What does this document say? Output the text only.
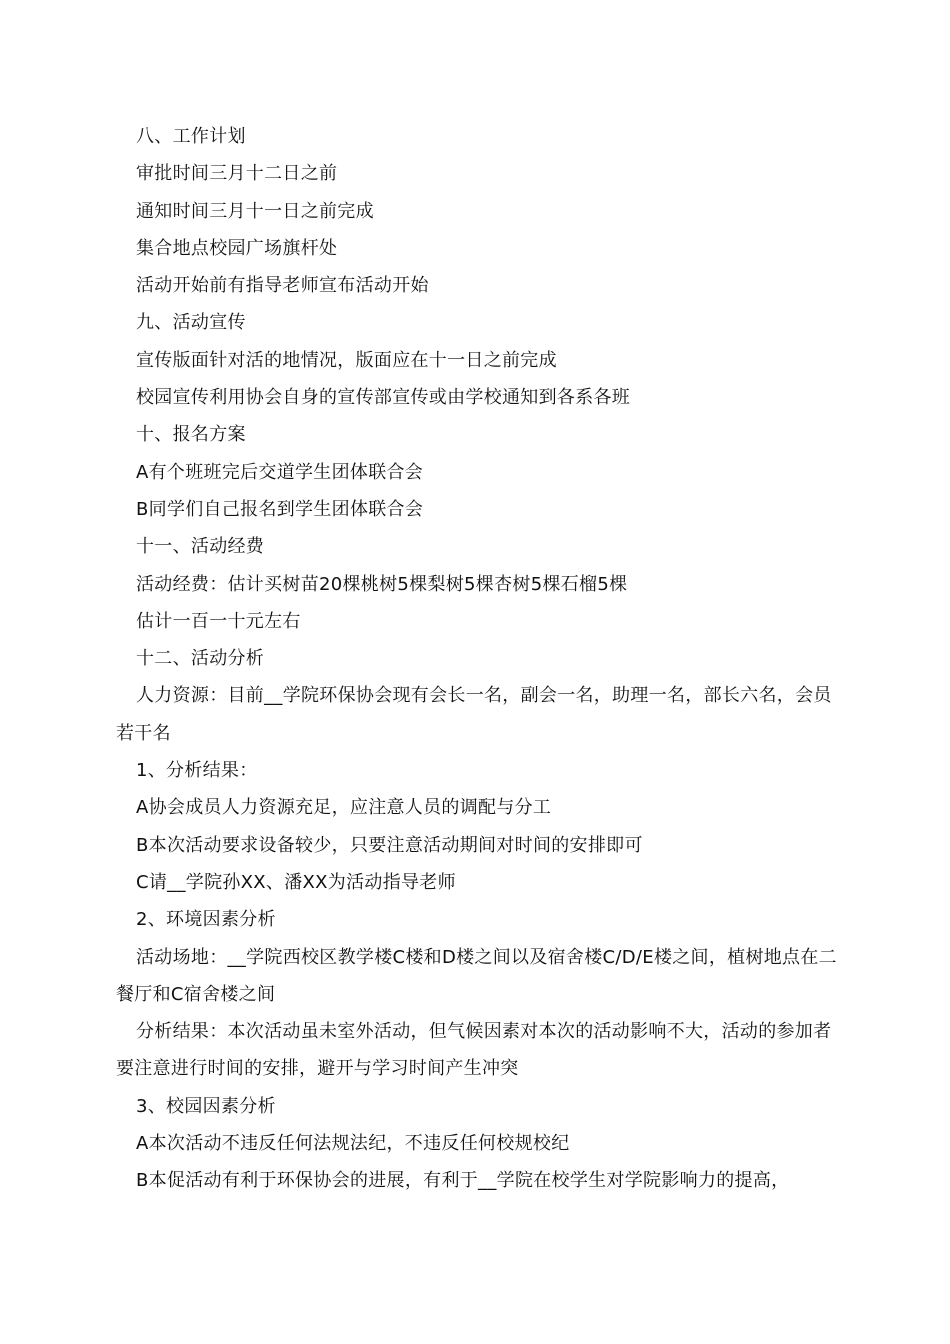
八、工作计划
审批时间三月十二日之前
通知时间三月十一日之前完成
集合地点校园广场旗杆处
活动开始前有指导老师宣布活动开始
九、活动宣传
宣传版面针对活的地情况，版面应在十一日之前完成
校园宣传利用协会自身的宣传部宣传或由学校通知到各系各班
十、报名方案
A有个班班完后交道学生团体联合会
B同学们自己报名到学生团体联合会
十一、活动经费
活动经费：估计买树苗20棵桃树5棵梨树5棵杏树5棵石榴5棵
估计一百一十元左右
十二、活动分析
人力资源：目前__学院环保协会现有会长一名，副会一名，助理一名，部长六名，会员若干名
1、分析结果：
A协会成员人力资源充足，应注意人员的调配与分工
B本次活动要求设备较少，只要注意活动期间对时间的安排即可
C请__学院孙XX、潘XX为活动指导老师
2、环境因素分析
活动场地：__学院西校区教学楼C楼和D楼之间以及宿舍楼C/D/E楼之间，植树地点在二餐厅和C宿舍楼之间
分析结果：本次活动虽未室外活动，但气候因素对本次的活动影响不大，活动的参加者要注意进行时间的安排，避开与学习时间产生冲突
3、校园因素分析
A本次活动不违反任何法规法纪，不违反任何校规校纪
B本促活动有利于环保协会的进展，有利于__学院在校学生对学院影响力的提高，
